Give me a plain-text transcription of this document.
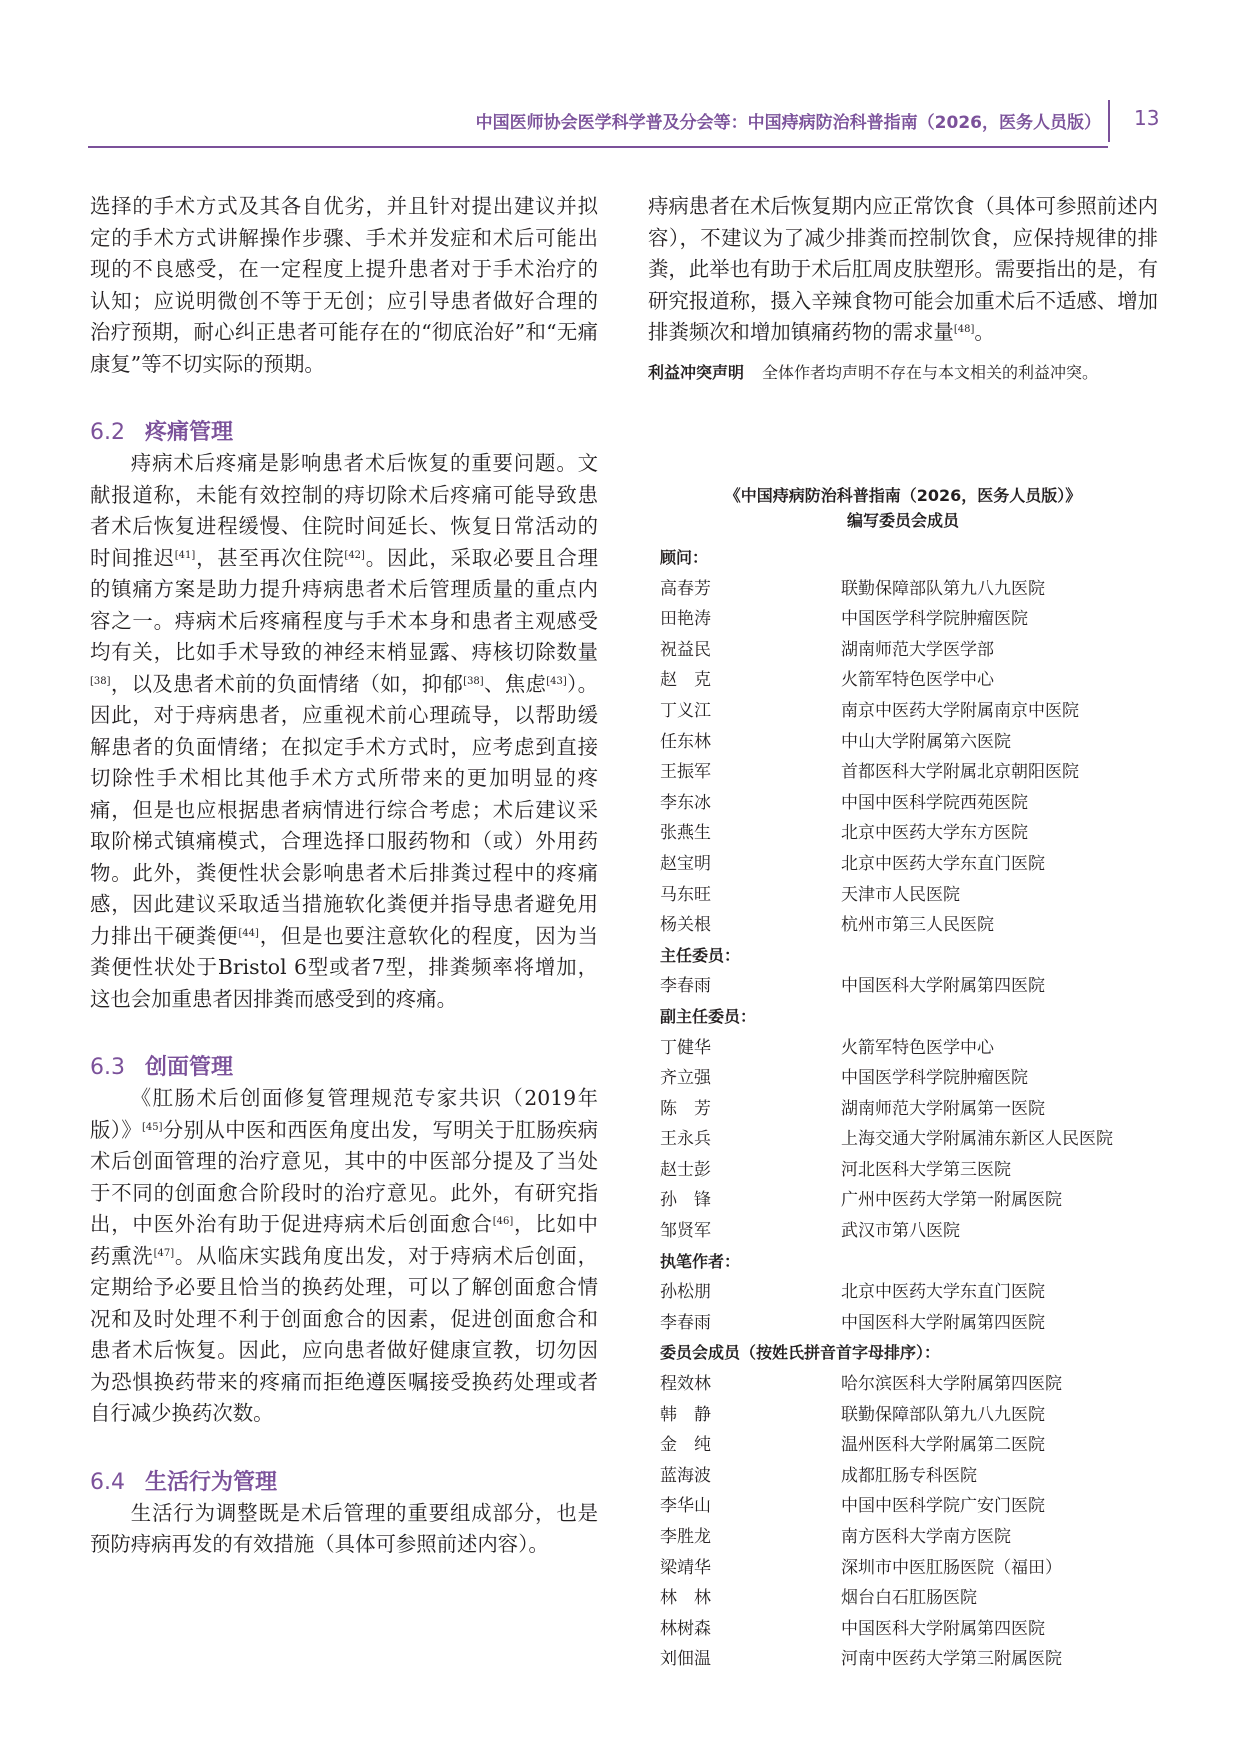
中国医师协会医学科学普及分会等：中国痔病防治科普指南（2026，医务人员版） 13

选择的手术方式及其各自优劣，并且针对提出建议并拟定的手术方式讲解操作步骤、手术并发症和术后可能出现的不良感受，在一定程度上提升患者对于手术治疗的认知；应说明微创不等于无创；应引导患者做好合理的治疗预期，耐心纠正患者可能存在的“彻底治好”和“无痛康复”等不切实际的预期。

6.2 疼痛管理

痔病术后疼痛是影响患者术后恢复的重要问题。文献报道称，未能有效控制的痔切除术后疼痛可能导致患者术后恢复进程缓慢、住院时间延长、恢复日常活动的时间推迟[41]，甚至再次住院[42]。因此，采取必要且合理的镇痛方案是助力提升痔病患者术后管理质量的重点内容之一。痔病术后疼痛程度与手术本身和患者主观感受均有关，比如手术导致的神经末梢显露、痔核切除数量[38]，以及患者术前的负面情绪（如，抑郁[38]、焦虑[43]）。因此，对于痔病患者，应重视术前心理疏导，以帮助缓解患者的负面情绪；在拟定手术方式时，应考虑到直接切除性手术相比其他手术方式所带来的更加明显的疼痛，但是也应根据患者病情进行综合考虑；术后建议采取阶梯式镇痛模式，合理选择口服药物和（或）外用药物。此外，粪便性状会影响患者术后排粪过程中的疼痛感，因此建议采取适当措施软化粪便并指导患者避免用力排出干硬粪便[44]，但是也要注意软化的程度，因为当粪便性状处于Bristol 6型或者7型，排粪频率将增加，这也会加重患者因排粪而感受到的疼痛。

6.3 创面管理

《肛肠术后创面修复管理规范专家共识（2019年版）》[45]分别从中医和西医角度出发，写明关于肛肠疾病术后创面管理的治疗意见，其中的中医部分提及了当处于不同的创面愈合阶段时的治疗意见。此外，有研究指出，中医外治有助于促进痔病术后创面愈合[46]，比如中药熏洗[47]。从临床实践角度出发，对于痔病术后创面，定期给予必要且恰当的换药处理，可以了解创面愈合情况和及时处理不利于创面愈合的因素，促进创面愈合和患者术后恢复。因此，应向患者做好健康宣教，切勿因为恐惧换药带来的疼痛而拒绝遵医嘱接受换药处理或者自行减少换药次数。

6.4 生活行为管理

生活行为调整既是术后管理的重要组成部分，也是预防痔病再发的有效措施（具体可参照前述内容）。

痔病患者在术后恢复期内应正常饮食（具体可参照前述内容），不建议为了减少排粪而控制饮食，应保持规律的排粪，此举也有助于术后肛周皮肤塑形。需要指出的是，有研究报道称，摄入辛辣食物可能会加重术后不适感、增加排粪频次和增加镇痛药物的需求量[48]。

利益冲突声明 全体作者均声明不存在与本文相关的利益冲突。
《中国痔病防治科普指南（2026，医务人员版）》
编写委员会成员
顾问：
高春芳	联勤保障部队第九八九医院
田艳涛	中国医学科学院肿瘤医院
祝益民	湖南师范大学医学部
赵　克	火箭军特色医学中心
丁义江	南京中医药大学附属南京中医院
任东林	中山大学附属第六医院
王振军	首都医科大学附属北京朝阳医院
李东冰	中国中医科学院西苑医院
张燕生	北京中医药大学东方医院
赵宝明	北京中医药大学东直门医院
马东旺	天津市人民医院
杨关根	杭州市第三人民医院
主任委员：
李春雨	中国医科大学附属第四医院
副主任委员：
丁健华	火箭军特色医学中心
齐立强	中国医学科学院肿瘤医院
陈　芳	湖南师范大学附属第一医院
王永兵	上海交通大学附属浦东新区人民医院
赵士彭	河北医科大学第三医院
孙　锋	广州中医药大学第一附属医院
邹贤军	武汉市第八医院
执笔作者：
孙松朋	北京中医药大学东直门医院
李春雨	中国医科大学附属第四医院
委员会成员（按姓氏拼音首字母排序）：
程效林	哈尔滨医科大学附属第四医院
韩　静	联勤保障部队第九八九医院
金　纯	温州医科大学附属第二医院
蓝海波	成都肛肠专科医院
李华山	中国中医科学院广安门医院
李胜龙	南方医科大学南方医院
梁靖华	深圳市中医肛肠医院（福田）
林　林	烟台白石肛肠医院
林树森	中国医科大学附属第四医院
刘佃温	河南中医药大学第三附属医院
